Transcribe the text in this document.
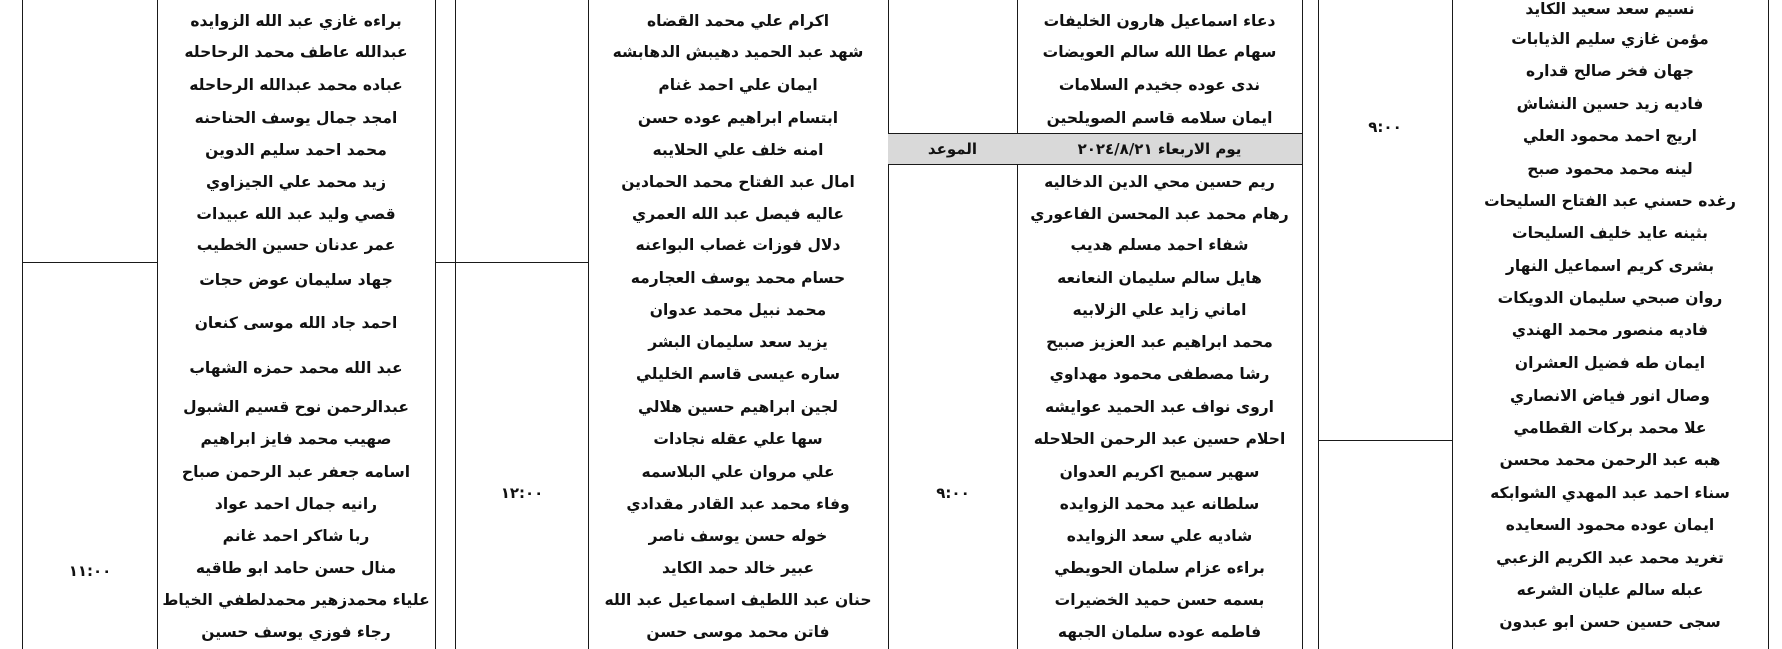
الموعد	يوم الاربعاء ٢٠٢٤/٨/٢١
١١:٠٠
١٢:٠٠	٩:٠٠
٩:٠٠
براءه غازي عبد الله الزوايده
عبدالله عاطف محمد الرحاحله
عباده محمد عبدالله الرحاحله
امجد جمال يوسف الحناحنه
محمد احمد سليم الدوين
زيد محمد علي الجيزاوي
قصي وليد عبد الله عبيدات
عمر عدنان حسين الخطيب
جهاد سليمان عوض حجات
احمد جاد الله موسى كنعان
عبد الله محمد حمزه الشهاب
عبدالرحمن نوح قسيم الشبول
صهيب محمد فايز ابراهيم
اسامه جعفر عبد الرحمن صباح
رانيه جمال احمد عواد
ربا شاكر احمد غانم
منال حسن حامد ابو طاقيه
علياء محمدزهير محمدلطفي الخياط
رجاء فوزي يوسف حسين
اكرام علي محمد القضاه
شهد عبد الحميد دهيبش الدهابشه
ايمان علي احمد غنام
ابتسام ابراهيم عوده حسن
امنه خلف علي الحلايبه
امال عبد الفتاح محمد الحمادين
عاليه فيصل عبد الله العمري
دلال فوزات غصاب البواعنه
حسام محمد يوسف العجارمه
محمد نبيل محمد عدوان
يزيد سعد سليمان البشر
ساره عيسى قاسم الخليلي
لجين ابراهيم حسين هلالي
سها علي عقله نجادات
علي مروان علي البلاسمه
وفاء محمد عبد القادر مقدادي
خوله حسن يوسف ناصر
عبير خالد حمد الكايد
حنان عبد اللطيف اسماعيل عبد الله
فاتن محمد موسى حسن
دعاء اسماعيل هارون الخليفات
سهام عطا الله سالم العويضات
ندى عوده جخيدم السلامات
ايمان سلامه قاسم الصويلحين
ريم حسين محي الدين الدخاليه
رهام محمد عبد المحسن الفاعوري
شفاء احمد مسلم هديب
هايل سالم سليمان النعانعه
اماني زايد علي الزلابيه
محمد ابراهيم عبد العزيز صبيح
رشا مصطفى محمود مهداوي
اروى نواف عبد الحميد عوايشه
احلام حسين عبد الرحمن الحلاحله
سهير سميح اكريم العدوان
سلطانه عيد محمد الزوايده
شاديه علي سعد الزوايده
براءه عزام سلمان الحويطي
بسمه حسن حميد الخضيرات
فاطمه عوده سلمان الجبهه
نسيم سعد سعيد الكايد
مؤمن غازي سليم الذيابات
جهان فخر صالح قداره
فاديه زيد حسين النشاش
اريج احمد محمود العلي
لينه محمد محمود صبح
رغده حسني عبد الفتاح السليحات
بثينه عايد خليف السليحات
بشرى كريم اسماعيل النهار
روان صبحي سليمان الدويكات
فاديه منصور محمد الهندي
ايمان طه فضيل العشران
وصال انور فياض الانصاري
علا محمد بركات القطامي
هبه عبد الرحمن محمد محسن
سناء احمد عبد المهدي الشوابكه
ايمان عوده محمود السعايده
تغريد محمد عبد الكريم الزعبي
عبله سالم عليان الشرعه
سجى حسين حسن ابو عبدون
